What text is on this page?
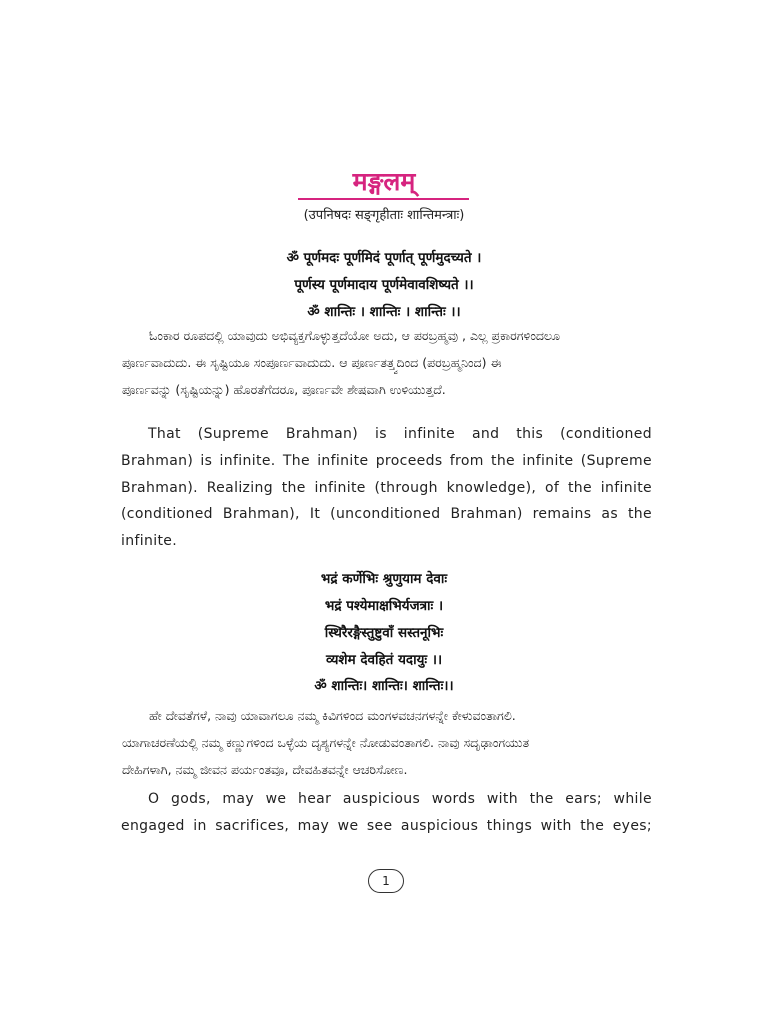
मङ्गलम्
(उपनिषदः सङ्गृहीताः शान्तिमन्त्राः)
ॐ पूर्णमदः पूर्णमिदं पूर्णात् पूर्णमुदच्यते ।
पूर्णस्य पूर्णमादाय पूर्णमेवावशिष्यते ।।
ॐ शान्तिः । शान्तिः । शान्तिः ।।
ಓಂಕಾರ ರೂಪದಲ್ಲಿ ಯಾವುದು ಅಭಿವ್ಯಕ್ತಗೊಳ್ಳುತ್ತದೆಯೋ ಅದು, ಆ ಪರಬ್ರಹ್ಮವು , ಎಲ್ಲ ಪ್ರಕಾರಗಳಿಂದಲೂ
ಪೂರ್ಣವಾದುದು. ಈ ಸೃಷ್ಟಿಯೂ ಸಂಪೂರ್ಣವಾದುದು. ಆ ಪೂರ್ಣತತ್ತ್ವದಿಂದ (ಪರಬ್ರಹ್ಮನಿಂದ) ಈ
ಪೂರ್ಣವನ್ನು (ಸೃಷ್ಟಿಯನ್ನು) ಹೊರತೆಗೆದರೂ, ಪೂರ್ಣವೇ ಶೇಷವಾಗಿ ಉಳಿಯುತ್ತದೆ.
That (Supreme Brahman) is infinite and this (conditioned
Brahman) is infinite. The infinite proceeds from the infinite (Supreme
Brahman). Realizing the infinite (through knowledge), of the infinite
(conditioned Brahman), It (unconditioned Brahman) remains as the
infinite.
भद्रं कर्णेभिः श्रुणुयाम देवाः
भद्रं पश्येमाक्षभिर्यजत्राः ।
स्थिरैरङ्गैस्तुष्टुवाँ सस्तनूभिः
व्यशेम देवहितं यदायुः ।।
ॐ शान्तिः। शान्तिः। शान्तिः।।
ಹೇ ದೇವತೆಗಳೆ, ನಾವು ಯಾವಾಗಲೂ ನಮ್ಮ ಕಿವಿಗಳಿಂದ ಮಂಗಳವಚನಗಳನ್ನೇ ಕೇಳುವಂತಾಗಲಿ.
ಯಾಗಾಚರಣೆಯಲ್ಲಿ ನಮ್ಮ ಕಣ್ಣುಗಳಿಂದ ಒಳ್ಳೆಯ ದೃಶ್ಯಗಳನ್ನೇ ನೋಡುವಂತಾಗಲಿ. ನಾವು ಸದೃಢಾಂಗಯುತ
ದೇಹಿಗಳಾಗಿ, ನಮ್ಮ ಜೀವನ ಪರ್ಯಂತವೂ, ದೇವಹಿತವನ್ನೇ ಆಚರಿಸೋಣ.
O gods, may we hear auspicious words with the ears; while
engaged in sacrifices, may we see auspicious things with the eyes;
1
